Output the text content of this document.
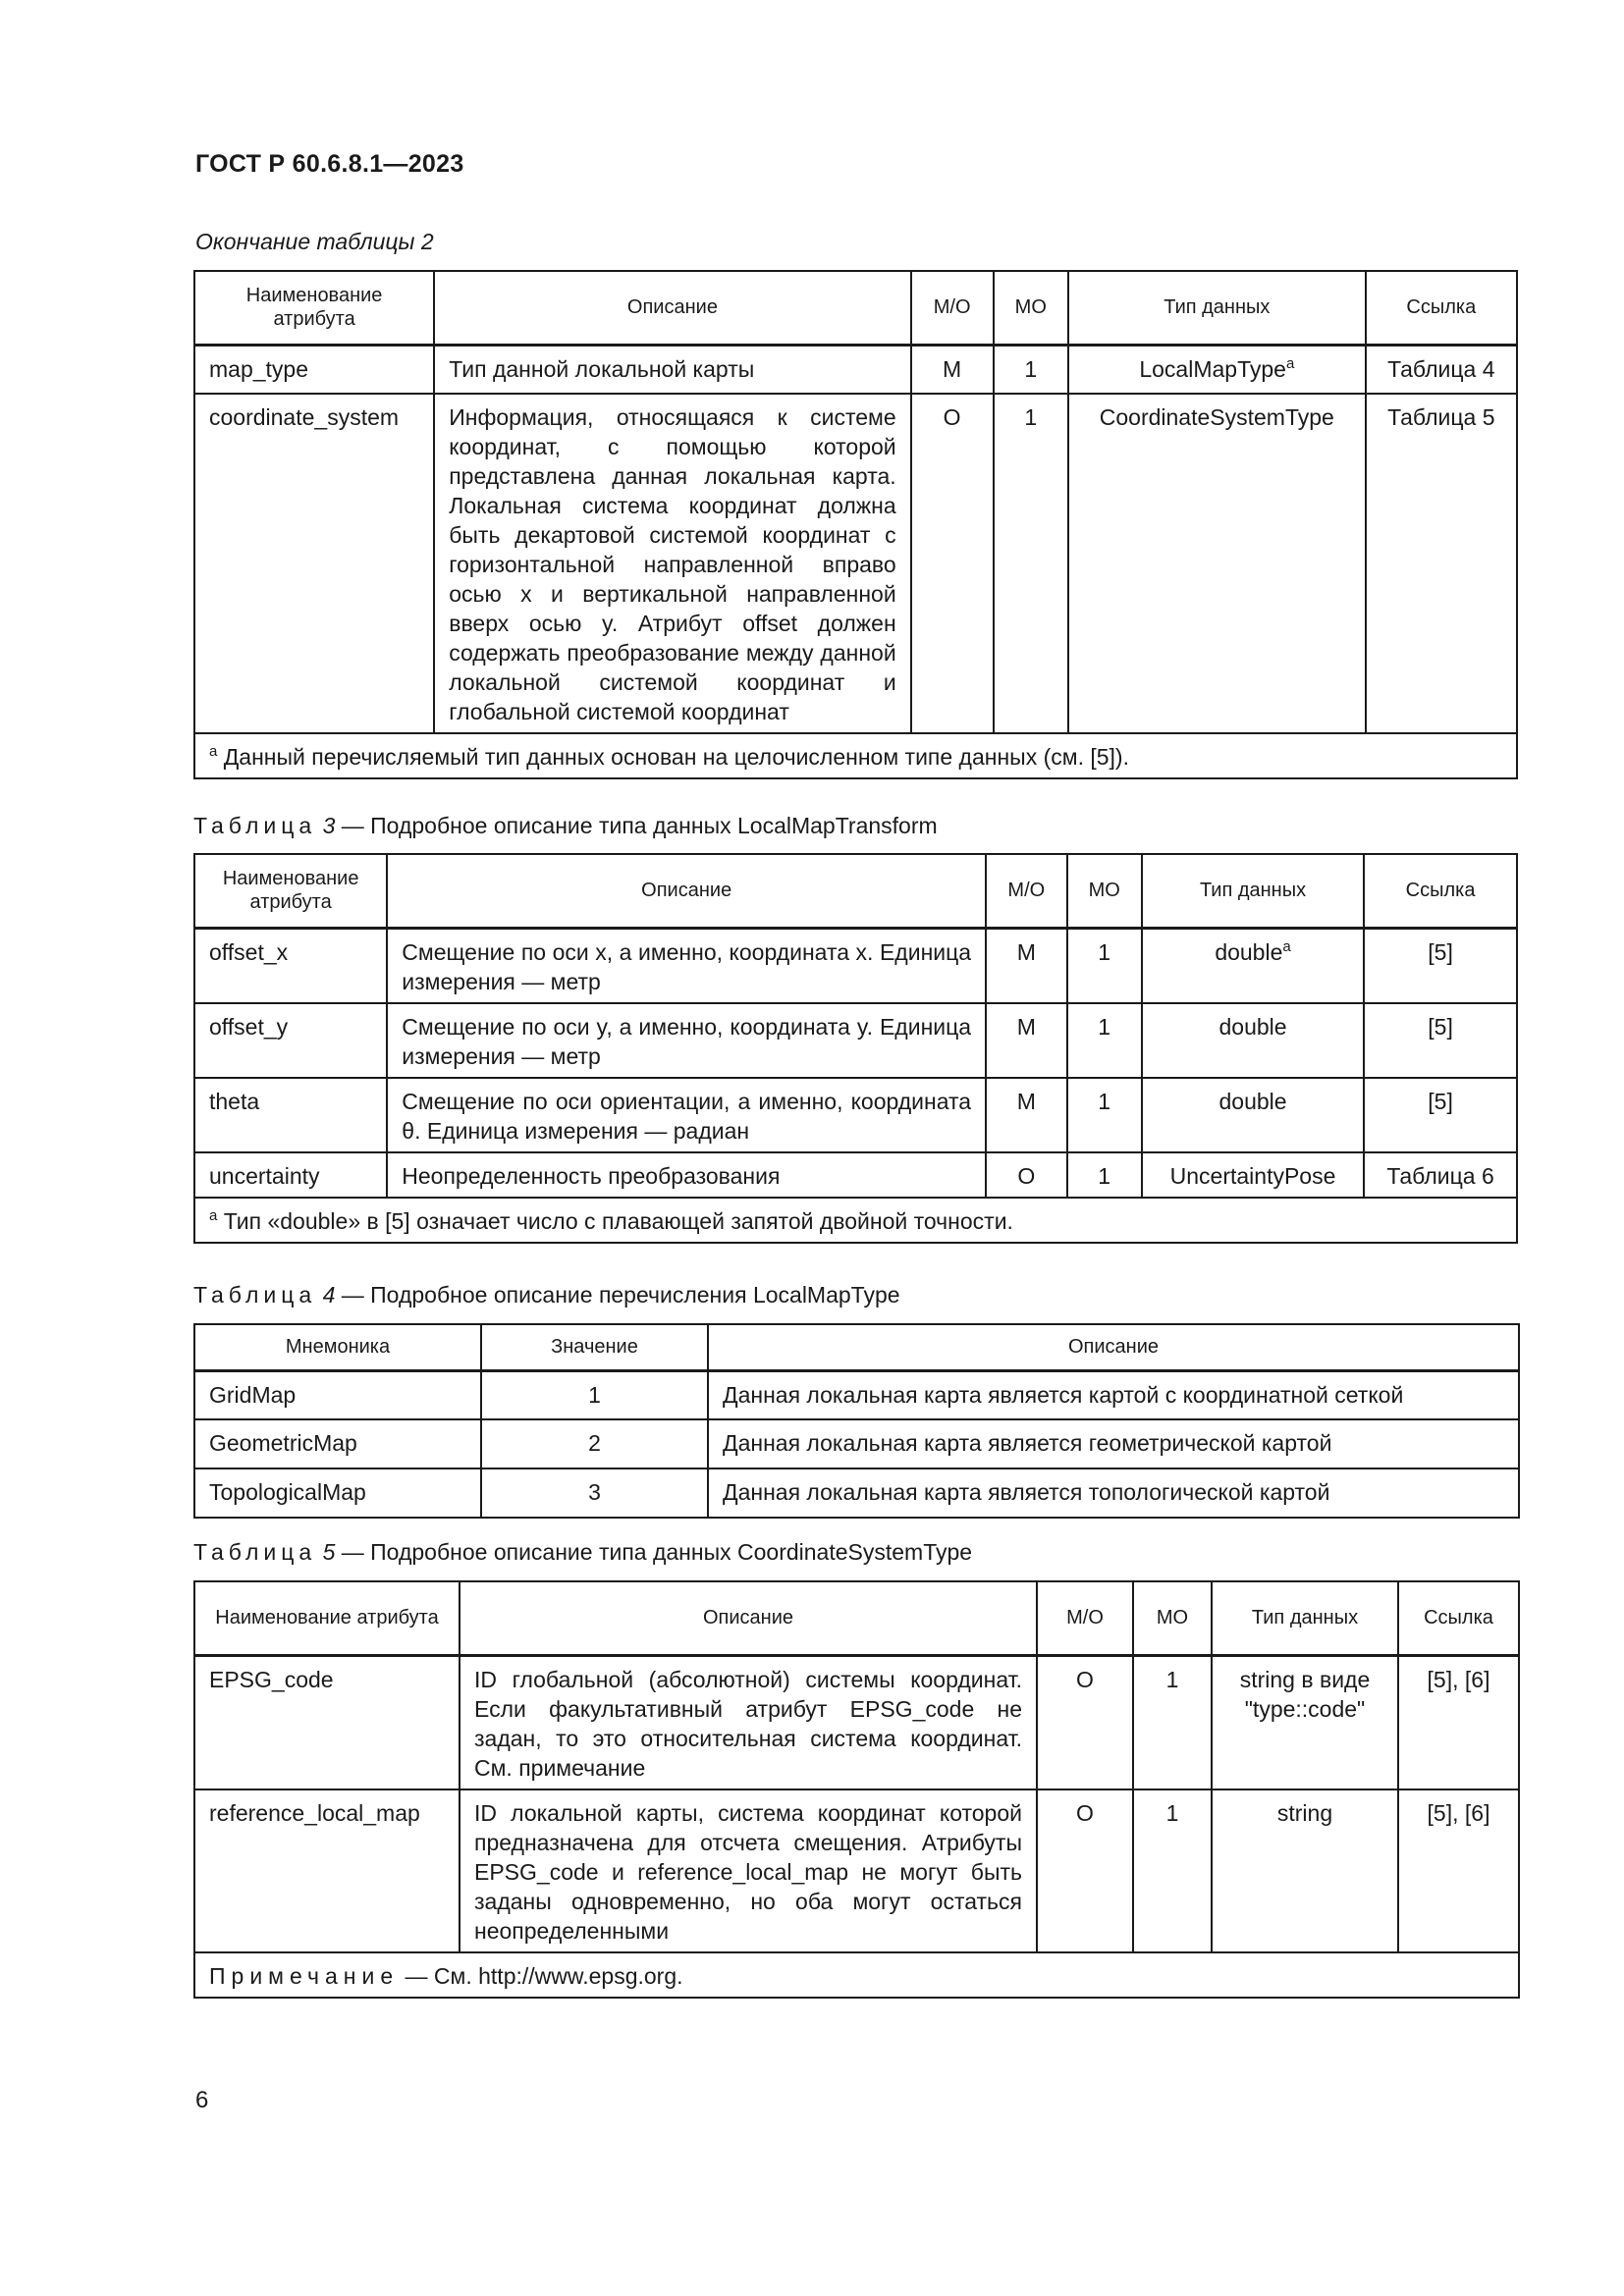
ГОСТ Р 60.6.8.1—2023
Окончание таблицы 2
Наименование атрибута	Описание	М/О	МО	Тип данных	Ссылка
map_type	Тип данной локальной карты	M	1	LocalMapType$^a$	Таблица 4
coordinate_system	Информация, относящаяся к системе координат, с помощью которой представлена данная локальная карта. Локальная система координат должна быть декартовой системой координат с горизонтальной направленной вправо осью x и вертикальной направленной вверх осью y. Атрибут offset должен содержать преобразование между данной локальной системой координат и глобальной системой координат	O	1	CoordinateSystemType	Таблица 5
$^a$ Данный перечисляемый тип данных основан на целочисленном типе данных (см. [5]).					
Таблица 3 — Подробное описание типа данных LocalMapTransform
Наименование атрибута	Описание	М/О	МО	Тип данных	Ссылка
offset_x	Смещение по оси x, а именно, координата x. Единица измерения — метр	M	1	double$^a$	[5]
offset_y	Смещение по оси y, а именно, координата y. Единица измерения — метр	M	1	double	[5]
theta	Смещение по оси ориентации, а именно, координата θ. Единица измерения — радиан	M	1	double	[5]
uncertainty	Неопределенность преобразования	O	1	UncertaintyPose	Таблица 6
$^a$ Тип «double» в [5] означает число с плавающей запятой двойной точности.					
Таблица 4 — Подробное описание перечисления LocalMapType
Мнемоника	Значение	Описание
GridMap	1	Данная локальная карта является картой с координатной сеткой
GeometricMap	2	Данная локальная карта является геометрической картой
TopologicalMap	3	Данная локальная карта является топологической картой
Таблица 5 — Подробное описание типа данных CoordinateSystemType
Наименование атрибута	Описание	М/О	МО	Тип данных	Ссылка
EPSG_code	ID глобальной (абсолютной) системы координат. Если факультативный атрибут EPSG_code не задан, то это относительная система координат. См. примечание	O	1	string в виде "type::code"	[5], [6]
reference_local_map	ID локальной карты, система координат которой предназначена для отсчета смещения. Атрибуты EPSG_code и reference_local_map не могут быть заданы одновременно, но оба могут остаться неопределенными	O	1	string	[5], [6]
Примечание — См. http://www.epsg.org.					
6
